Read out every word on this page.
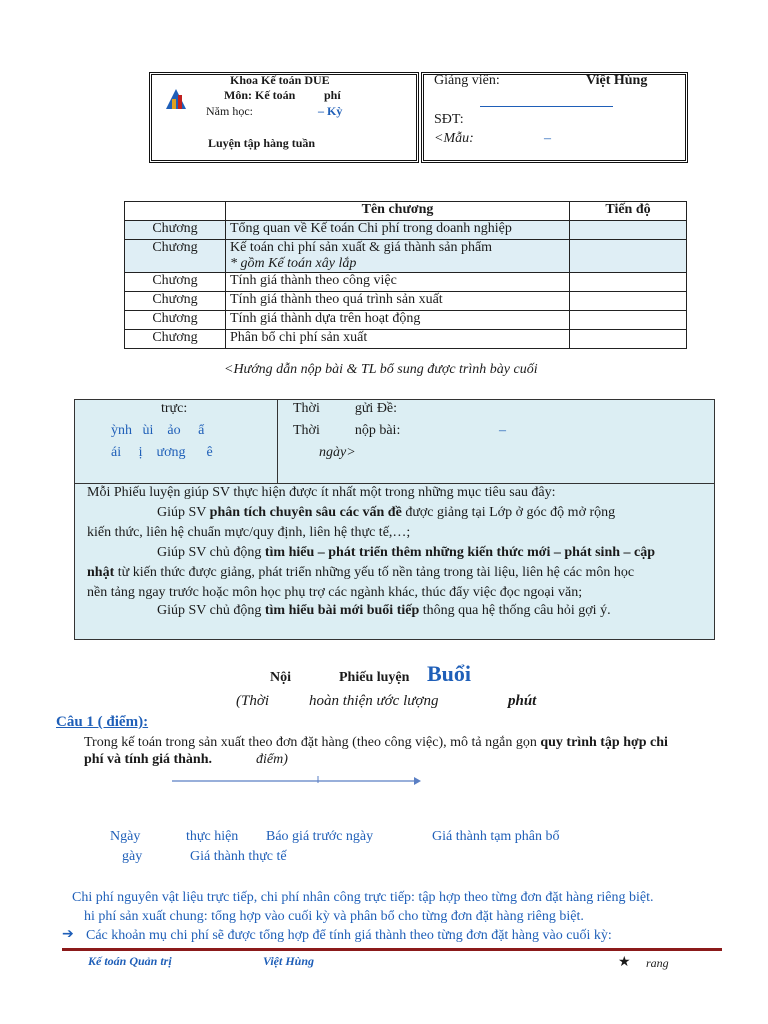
Khoa Kế toán DUE
Môn: Kế toán phí
Năm học:	– Kỳ
Luyện tập hàng tuần
Giảng viên:	Việt Hùng
SĐT:
<Mẫu:	–
	Tên chương	Tiến độ
Chương	Tổng quan về Kế toán Chi phí trong doanh nghiệp	
Chương	Kế toán chi phí sản xuất & giá thành sản phẩm
* gồm Kế toán xây lắp	

Chương	Tính giá thành theo công việc	
Chương	Tính giá thành theo quá trình sản xuất	
Chương	Tính giá thành dựa trên hoạt động	
Chương	Phân bổ chi phí sản xuất	
<Hướng dẫn nộp bài & TL bổ sung được trình bày cuối
trực:
ỳnh   ùi    ảo     ẩ
ái     ị    ương      ê
Thời          gửi Đề:
Thời          nộp bài:	–
ngày>
Mỗi Phiếu luyện giúp SV thực hiện được ít nhất một trong những mục tiêu sau đây:
Giúp SV phân tích chuyên sâu các vấn đề được giảng tại Lớp ở góc độ mở rộng
kiến thức, liên hệ chuẩn mực/quy định, liên hệ thực tế,…;
Giúp SV chủ động tìm hiểu – phát triển thêm những kiến thức mới – phát sinh – cập
nhật từ kiến thức được giảng, phát triển những yếu tố nền tảng trong tài liệu, liên hệ các môn học
nền tảng ngay trước hoặc môn học phụ trợ các ngành khác, thúc đẩy việc đọc ngoại văn;
Giúp SV chủ động tìm hiểu bài mới buổi tiếp thông qua hệ thống câu hỏi gợi ý.
Nội	Phiếu luyện Buổi
(Thời	hoàn thiện ước lượng	phút
Câu 1 ( điểm):
Trong kế toán trong sản xuất theo đơn đặt hàng (theo công việc), mô tả ngắn gọn quy trình tập hợp chi
phí và tính giá thành.	điểm)
Ngày	thực hiện Báo giá trước ngày	Giá thành tạm phân bổ
gày	Giá thành thực tế
Chi phí nguyên vật liệu trực tiếp, chi phí nhân công trực tiếp: tập hợp theo từng đơn đặt hàng riêng biệt.
hi phí sản xuất chung: tổng hợp vào cuối kỳ và phân bổ cho từng đơn đặt hàng riêng biệt.
➔ Các khoản mụ chi phí sẽ được tổng hợp để tính giá thành theo từng đơn đặt hàng vào cuối kỳ:
Kế toán Quản trị	Việt Hùng	★ rang
